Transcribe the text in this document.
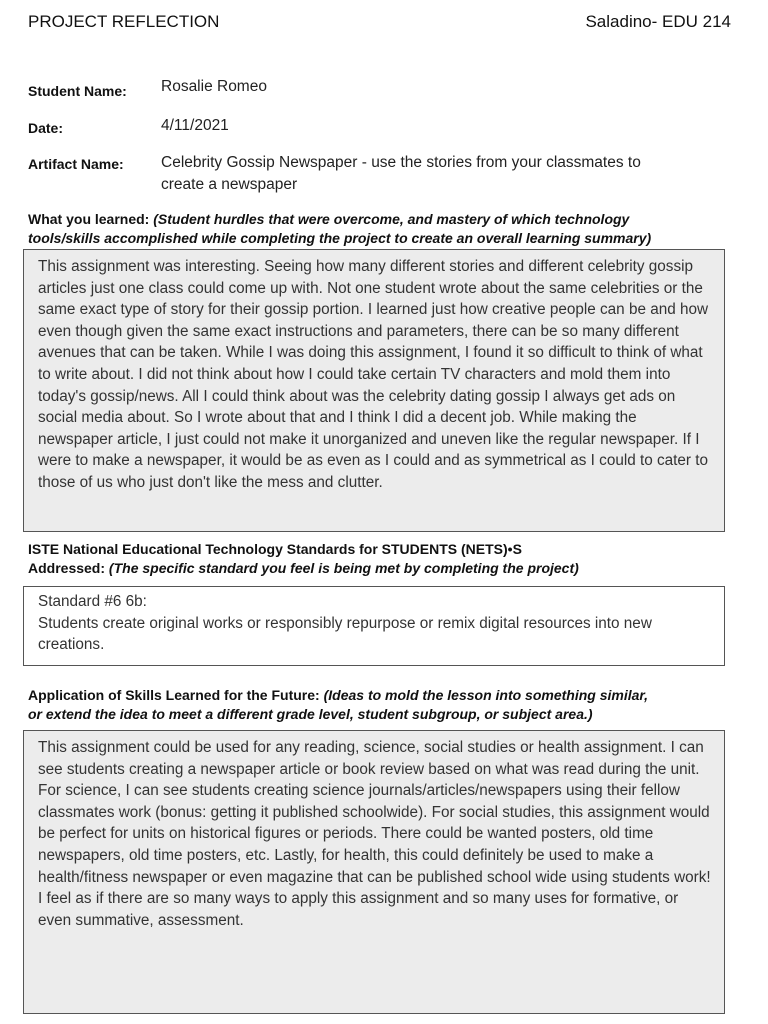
PROJECT REFLECTION	Saladino- EDU 214
Student Name: Rosalie Romeo
Date:	4/11/2021
Artifact Name: Celebrity Gossip Newspaper - use the stories from your classmates to
create a newspaper
What you learned: (Student hurdles that were overcome, and mastery of which technology
tools/skills accomplished while completing the project to create an overall learning summary)
This assignment was interesting. Seeing how many different stories and different celebrity gossip articles just one class could come up with. Not one student wrote about the same celebrities or the same exact type of story for their gossip portion. I learned just how creative people can be and how even though given the same exact instructions and parameters, there can be so many different avenues that can be taken. While I was doing this assignment, I found it so difficult to think of what to write about. I did not think about how I could take certain TV characters and mold them into today's gossip/news. All I could think about was the celebrity dating gossip I always get ads on social media about. So I wrote about that and I think I did a decent job. While making the newspaper article, I just could not make it unorganized and uneven like the regular newspaper. If I were to make a newspaper, it would be as even as I could and as symmetrical as I could to cater to those of us who just don't like the mess and clutter.
ISTE National Educational Technology Standards for STUDENTS (NETS)•S
Addressed: (The specific standard you feel is being met by completing the project)
Standard #6 6b:
Students create original works or responsibly repurpose or remix digital resources into new creations.
Application of Skills Learned for the Future: (Ideas to mold the lesson into something similar,
or extend the idea to meet a different grade level, student subgroup, or subject area.)
This assignment could be used for any reading, science, social studies or health assignment. I can see students creating a newspaper article or book review based on what was read during the unit. For science, I can see students creating science journals/articles/newspapers using their fellow classmates work (bonus: getting it published schoolwide). For social studies, this assignment would be perfect for units on historical figures or periods. There could be wanted posters, old time newspapers, old time posters, etc. Lastly, for health, this could definitely be used to make a health/fitness newspaper or even magazine that can be published school wide using students work! I feel as if there are so many ways to apply this assignment and so many uses for formative, or even summative, assessment.
